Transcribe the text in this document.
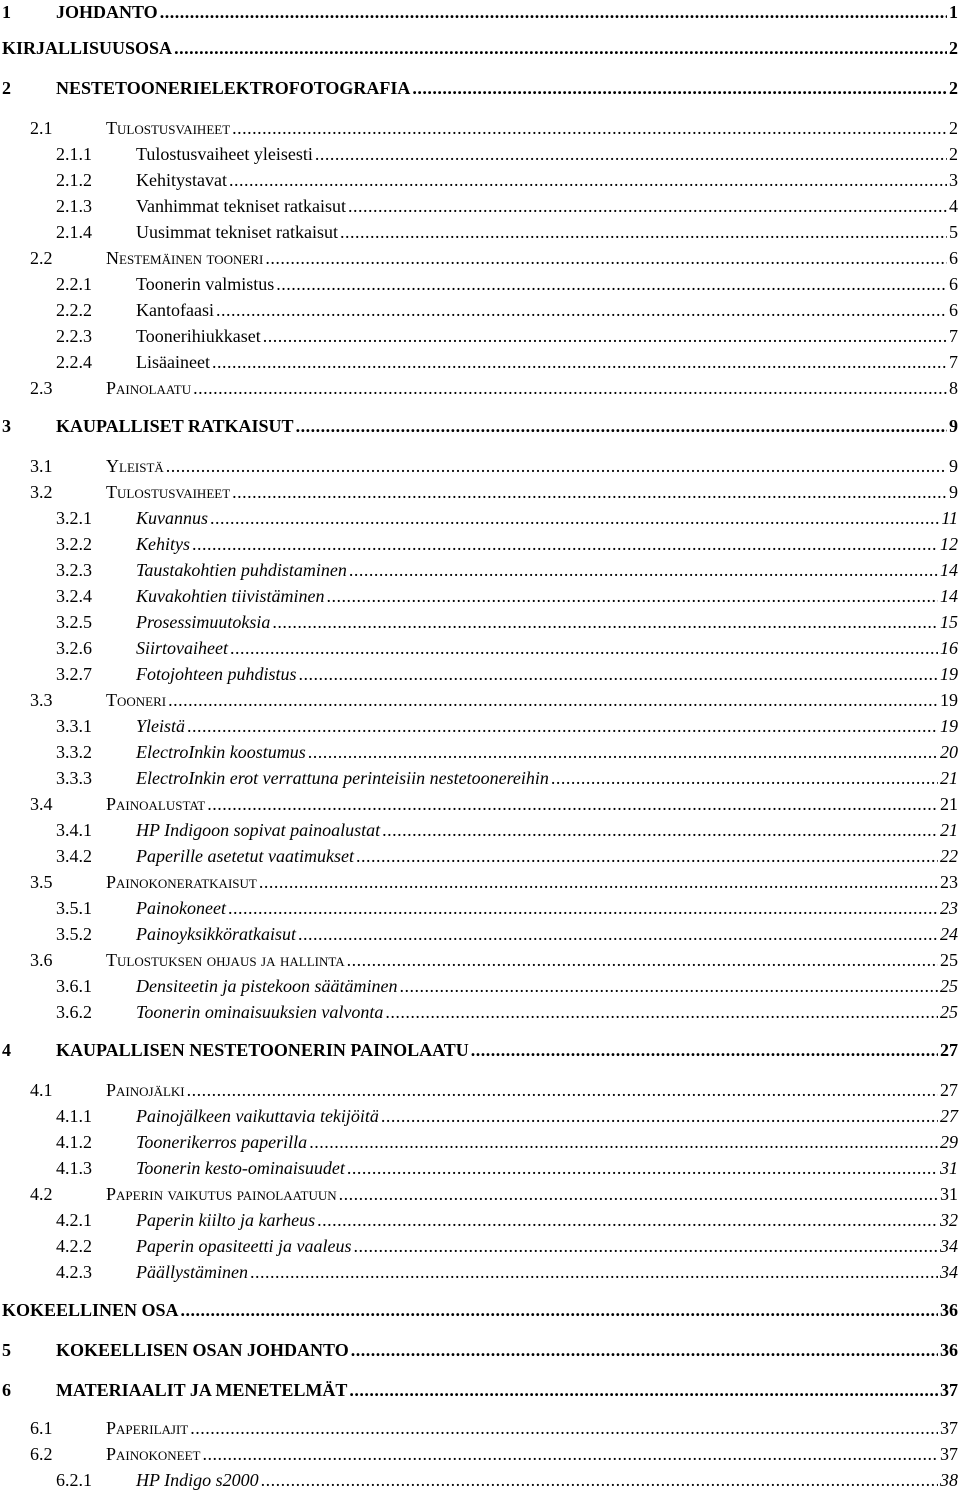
1	JOHDANTO .....	1
KIRJALLISUUSOSA .....	2
2	NESTETOONERIELEKTROFOTOGRAFIA .....	2
2.1	Tulostusvaiheet .....	2
2.1.1	Tulostusvaiheet yleisesti .....	2
2.1.2	Kehitystavat .....	3
2.1.3	Vanhimmat tekniset ratkaisut .....	4
2.1.4	Uusimmat tekniset ratkaisut .....	5
2.2	Nestemäinen tooneri .....	6
2.2.1	Toonerin valmistus .....	6
2.2.2	Kantofaasi .....	6
2.2.3	Toonerihiukkaset .....	7
2.2.4	Lisäaineet .....	7
2.3	Painolaatu .....	8
3	KAUPALLISET RATKAISUT .....	9
3.1	Yleistä .....	9
3.2	Tulostusvaiheet .....	9
3.2.1	Kuvannus .....	11
3.2.2	Kehitys .....	12
3.2.3	Taustakohtien puhdistaminen .....	14
3.2.4	Kuvakohtien tiivistäminen .....	14
3.2.5	Prosessimuutoksia .....	15
3.2.6	Siirtovaiheet .....	16
3.2.7	Fotojohteen puhdistus .....	19
3.3	Tooneri .....	19
3.3.1	Yleistä .....	19
3.3.2	ElectroInkin koostumus .....	20
3.3.3	ElectroInkin erot verrattuna perinteisiin nestetoonereihin .....	21
3.4	Painoalustat .....	21
3.4.1	HP Indigoon sopivat painoalustat .....	21
3.4.2	Paperille asetetut vaatimukset .....	22
3.5	Painokoneratkaisut .....	23
3.5.1	Painokoneet .....	23
3.5.2	Painoyksikköratkaisut .....	24
3.6	Tulostuksen ohjaus ja hallinta .....	25
3.6.1	Densiteetin ja pistekoon säätäminen .....	25
3.6.2	Toonerin ominaisuuksien valvonta .....	25
4	KAUPALLISEN NESTETOONERIN PAINOLAATU .....	27
4.1	Painojälki .....	27
4.1.1	Painojälkeen vaikuttavia tekijöitä .....	27
4.1.2	Toonerikerros paperilla .....	29
4.1.3	Toonerin kesto-ominaisuudet .....	31
4.2	Paperin vaikutus painolaatuun .....	31
4.2.1	Paperin kiilto ja karheus .....	32
4.2.2	Paperin opasiteetti ja vaaleus .....	34
4.2.3	Päällystäminen .....	34
KOKEELLINEN OSA .....	36
5	KOKEELLISEN OSAN JOHDANTO .....	36
6	MATERIAALIT JA MENETELMÄT .....	37
6.1	Paperilajit .....	37
6.2	Painokoneet .....	37
6.2.1	HP Indigo s2000 .....	38
